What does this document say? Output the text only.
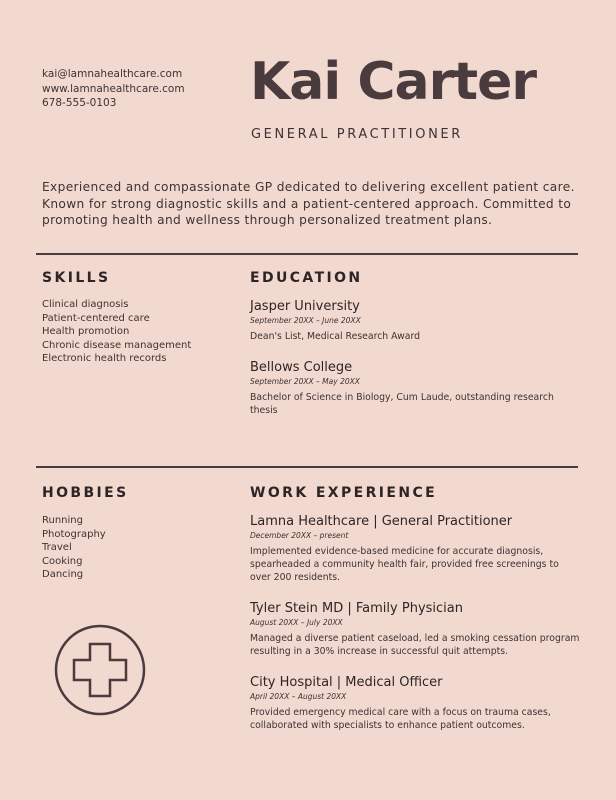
kai@lamnahealthcare.com
www.lamnahealthcare.com
678-555-0103	Kai Carter
GENERAL PRACTITIONER
Experienced and compassionate GP dedicated to delivering excellent patient care. Known for strong diagnostic skills and a patient-centered approach. Committed to promoting health and wellness through personalized treatment plans.
SKILLS
Clinical diagnosis
Patient-centered care
Health promotion
Chronic disease management
Electronic health records
EDUCATION
Jasper University
September 20XX – June 20XX
Dean's List, Medical Research Award
Bellows College
September 20XX – May 20XX
Bachelor of Science in Biology, Cum Laude, outstanding research thesis
HOBBIES
Running
Photography
Travel
Cooking
Dancing
WORK EXPERIENCE
Lamna Healthcare | General Practitioner
December 20XX – present
Implemented evidence-based medicine for accurate diagnosis, spearheaded a community health fair, provided free screenings to over 200 residents.
Tyler Stein MD | Family Physician
August 20XX – July 20XX
Managed a diverse patient caseload, led a smoking cessation program resulting in a 30% increase in successful quit attempts.
City Hospital | Medical Officer
April 20XX – August 20XX
Provided emergency medical care with a focus on trauma cases, collaborated with specialists to enhance patient outcomes.
